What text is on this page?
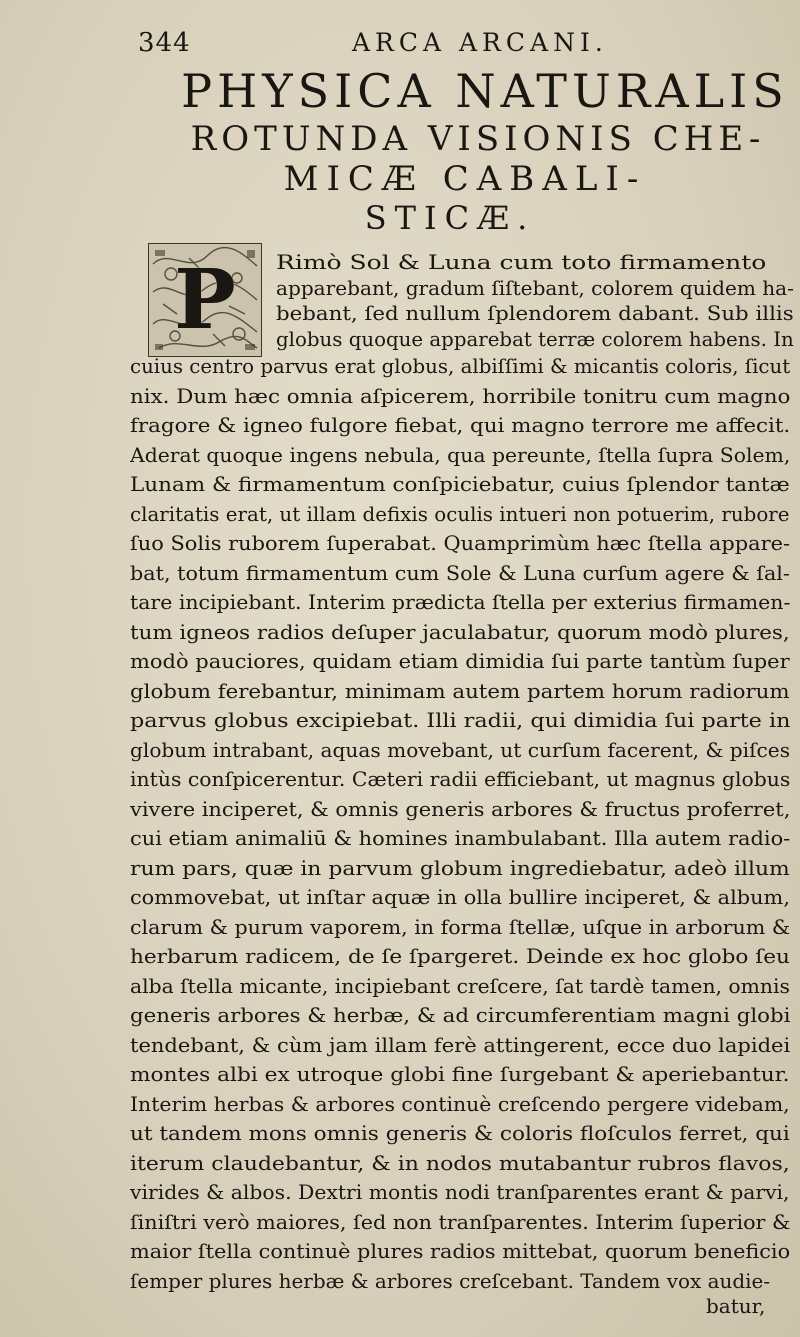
344	ARCA ARCANI.
PHYSICA NATURALIS
ROTUNDA VISIONIS CHE-
MICÆ CABALI-
STICÆ.
P	Rimò Sol & Luna cum toto firmamento
apparebant, gradum ſiſtebant, colorem quidem ha-
bebant, ſed nullum ſplendorem dabant. Sub illis
globus quoque apparebat terræ colorem habens. In
cuius centro parvus erat globus, albiſſimi & micantis coloris, ſicut
nix. Dum hæc omnia aſpicerem, horribile tonitru cum magno
fragore & igneo fulgore fiebat, qui magno terrore me affecit.
Aderat quoque ingens nebula, qua pereunte, ſtella ſupra Solem,
Lunam & firmamentum conſpiciebatur, cuius ſplendor tantæ
claritatis erat, ut illam defixis oculis intueri non potuerim, rubore
ſuo Solis ruborem ſuperabat. Quamprimùm hæc ſtella appare-
bat, totum firmamentum cum Sole & Luna curſum agere & ſal-
tare incipiebant. Interim prædicta ſtella per exterius firmamen-
tum igneos radios deſuper jaculabatur, quorum modò plures,
modò pauciores, quidam etiam dimidia ſui parte tantùm ſuper
globum ferebantur, minimam autem partem horum radiorum
parvus globus excipiebat. Illi radii, qui dimidia ſui parte in
globum intrabant, aquas movebant, ut curſum facerent, & piſces
intùs conſpicerentur. Cæteri radii efficiebant, ut magnus globus
vivere inciperet, & omnis generis arbores & fructus proferret,
cui etiam animaliū & homines inambulabant. Illa autem radio-
rum pars, quæ in parvum globum ingrediebatur, adeò illum
commovebat, ut inſtar aquæ in olla bullire inciperet, & album,
clarum & purum vaporem, in forma ſtellæ, uſque in arborum &
herbarum radicem, de ſe ſpargeret. Deinde ex hoc globo ſeu
alba ſtella micante, incipiebant creſcere, ſat tardè tamen, omnis
generis arbores & herbæ, & ad circumferentiam magni globi
tendebant, & cùm jam illam ferè attingerent, ecce duo lapidei
montes albi ex utroque globi fine ſurgebant & aperiebantur.
Interim herbas & arbores continuè creſcendo pergere videbam,
ut tandem mons omnis generis & coloris floſculos ferret, qui
iterum claudebantur, & in nodos mutabantur rubros flavos,
virides & albos. Dextri montis nodi tranſparentes erant & parvi,
ſiniſtri verò maiores, ſed non tranſparentes. Interim ſuperior &
maior ſtella continuè plures radios mittebat, quorum beneficio
ſemper plures herbæ & arbores creſcebant. Tandem vox audie-
batur,
